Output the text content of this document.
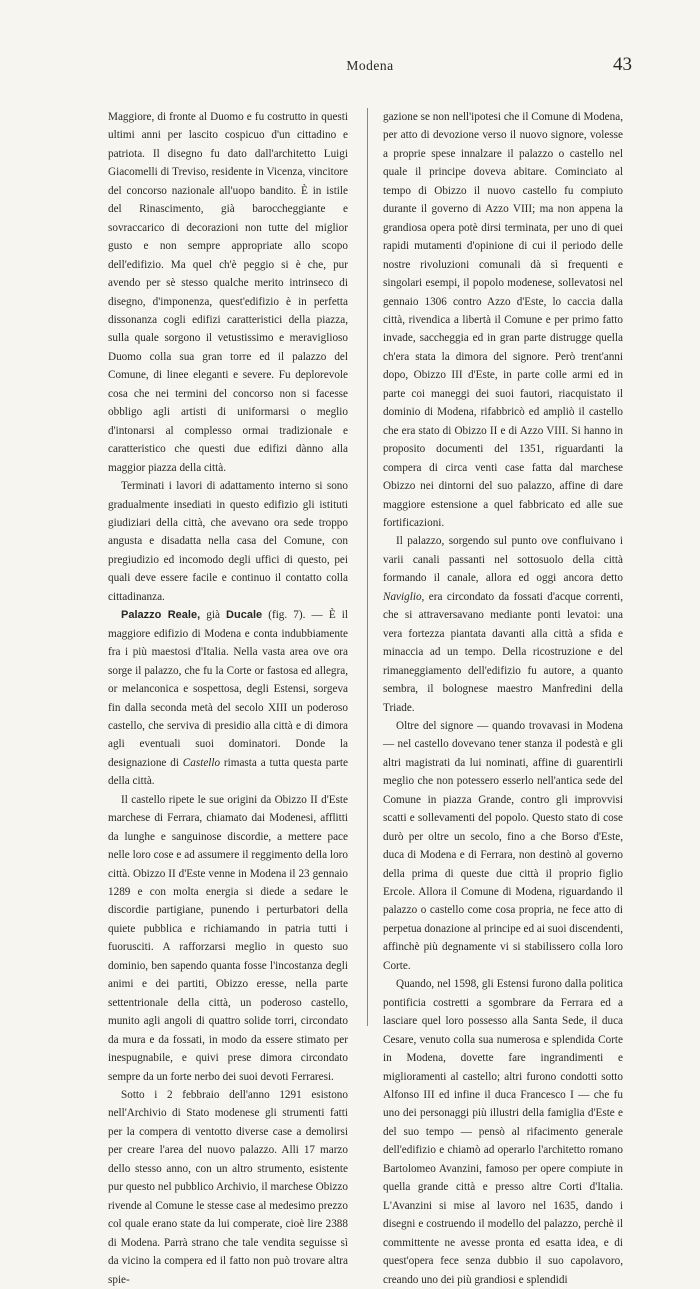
Modena	43

Maggiore, di fronte al Duomo e fu costrutto in questi ultimi anni per lascito cospicuo d'un cittadino e patriota. Il disegno fu dato dall'architetto Luigi Giacomelli di Treviso, residente in Vicenza, vincitore del concorso nazionale all'uopo bandito. È in istile del Rinascimento, già baroccheggiante e sovraccarico di decorazioni non tutte del miglior gusto e non sempre appropriate allo scopo dell'edifizio. Ma quel ch'è peggio si è che, pur avendo per sè stesso qualche merito intrinseco di disegno, d'imponenza, quest'edifizio è in perfetta dissonanza cogli edifizi caratteristici della piazza, sulla quale sorgono il vetustissimo e meraviglioso Duomo colla sua gran torre ed il palazzo del Comune, di linee eleganti e severe. Fu deplorevole cosa che nei termini del concorso non si facesse obbligo agli artisti di uniformarsi o meglio d'intonarsi al complesso ormai tradizionale e caratteristico che questi due edifizi dànno alla maggior piazza della città.

Terminati i lavori di adattamento interno si sono gradualmente insediati in questo edifizio gli istituti giudiziari della città, che avevano ora sede troppo angusta e disadatta nella casa del Comune, con pregiudizio ed incomodo degli uffici di questo, pei quali deve essere facile e continuo il contatto colla cittadinanza.

Palazzo Reale, già Ducale (fig. 7). — È il maggiore edifizio di Modena e conta indubbiamente fra i più maestosi d'Italia. Nella vasta area ove ora sorge il palazzo, che fu la Corte or fastosa ed allegra, or melanconica e sospettosa, degli Estensi, sorgeva fin dalla seconda metà del secolo XIII un poderoso castello, che serviva di presidio alla città e di dimora agli eventuali suoi dominatori. Donde la designazione di Castello rimasta a tutta questa parte della città.

Il castello ripete le sue origini da Obizzo II d'Este marchese di Ferrara, chiamato dai Modenesi, afflitti da lunghe e sanguinose discordie, a mettere pace nelle loro cose e ad assumere il reggimento della loro città. Obizzo II d'Este venne in Modena il 23 gennaio 1289 e con molta energia si diede a sedare le discordie partigiane, punendo i perturbatori della quiete pubblica e richiamando in patria tutti i fuorusciti. A rafforzarsi meglio in questo suo dominio, ben sapendo quanta fosse l'incostanza degli animi e dei partiti, Obizzo eresse, nella parte settentrionale della città, un poderoso castello, munito agli angoli di quattro solide torri, circondato da mura e da fossati, in modo da essere stimato per inespugnabile, e quivi prese dimora circondato sempre da un forte nerbo dei suoi devoti Ferraresi.

Sotto i 2 febbraio dell'anno 1291 esistono nell'Archivio di Stato modenese gli strumenti fatti per la compera di ventotto diverse case a demolirsi per creare l'area del nuovo palazzo. Alli 17 marzo dello stesso anno, con un altro strumento, esistente pur questo nel pubblico Archivio, il marchese Obizzo rivende al Comune le stesse case al medesimo prezzo col quale erano state da lui comperate, cioè lire 2388 di Modena. Parrà strano che tale vendita seguisse sì da vicino la compera ed il fatto non può trovare altra spie-

gazione se non nell'ipotesi che il Comune di Modena, per atto di devozione verso il nuovo signore, volesse a proprie spese innalzare il palazzo o castello nel quale il principe doveva abitare. Cominciato al tempo di Obizzo il nuovo castello fu compiuto durante il governo di Azzo VIII; ma non appena la grandiosa opera potè dirsi terminata, per uno di quei rapidi mutamenti d'opinione di cui il periodo delle nostre rivoluzioni comunali dà sì frequenti e singolari esempi, il popolo modenese, sollevatosi nel gennaio 1306 contro Azzo d'Este, lo caccia dalla città, rivendica a libertà il Comune e per primo fatto invade, saccheggia ed in gran parte distrugge quella ch'era stata la dimora del signore. Però trent'anni dopo, Obizzo III d'Este, in parte colle armi ed in parte coi maneggi dei suoi fautori, riacquistato il dominio di Modena, rifabbricò ed ampliò il castello che era stato di Obizzo II e di Azzo VIII. Si hanno in proposito documenti del 1351, riguardanti la compera di circa venti case fatta dal marchese Obizzo nei dintorni del suo palazzo, affine di dare maggiore estensione a quel fabbricato ed alle sue fortificazioni.

Il palazzo, sorgendo sul punto ove confluivano i varii canali passanti nel sottosuolo della città formando il canale, allora ed oggi ancora detto Naviglio, era circondato da fossati d'acque correnti, che si attraversavano mediante ponti levatoi: una vera fortezza piantata davanti alla città a sfida e minaccia ad un tempo. Della ricostruzione e del rimaneggiamento dell'edifizio fu autore, a quanto sembra, il bolognese maestro Manfredini della Triade.

Oltre del signore — quando trovavasi in Modena — nel castello dovevano tener stanza il podestà e gli altri magistrati da lui nominati, affine di guarentirli meglio che non potessero esserlo nell'antica sede del Comune in piazza Grande, contro gli improvvisi scatti e sollevamenti del popolo. Questo stato di cose durò per oltre un secolo, fino a che Borso d'Este, duca di Modena e di Ferrara, non destinò al governo della prima di queste due città il proprio figlio Ercole. Allora il Comune di Modena, riguardando il palazzo o castello come cosa propria, ne fece atto di perpetua donazione al principe ed ai suoi discendenti, affinchè più degnamente vi si stabilissero colla loro Corte.

Quando, nel 1598, gli Estensi furono dalla politica pontificia costretti a sgombrare da Ferrara ed a lasciare quel loro possesso alla Santa Sede, il duca Cesare, venuto colla sua numerosa e splendida Corte in Modena, dovette fare ingrandimenti e miglioramenti al castello; altri furono condotti sotto Alfonso III ed infine il duca Francesco I — che fu uno dei personaggi più illustri della famiglia d'Este e del suo tempo — pensò al rifacimento generale dell'edifizio e chiamò ad operarlo l'architetto romano Bartolomeo Avanzini, famoso per opere compiute in quella grande città e presso altre Corti d'Italia. L'Avanzini si mise al lavoro nel 1635, dando i disegni e costruendo il modello del palazzo, perchè il committente ne avesse pronta ed esatta idea, e di quest'opera fece senza dubbio il suo capolavoro, creando uno dei più grandiosi e splendidi
